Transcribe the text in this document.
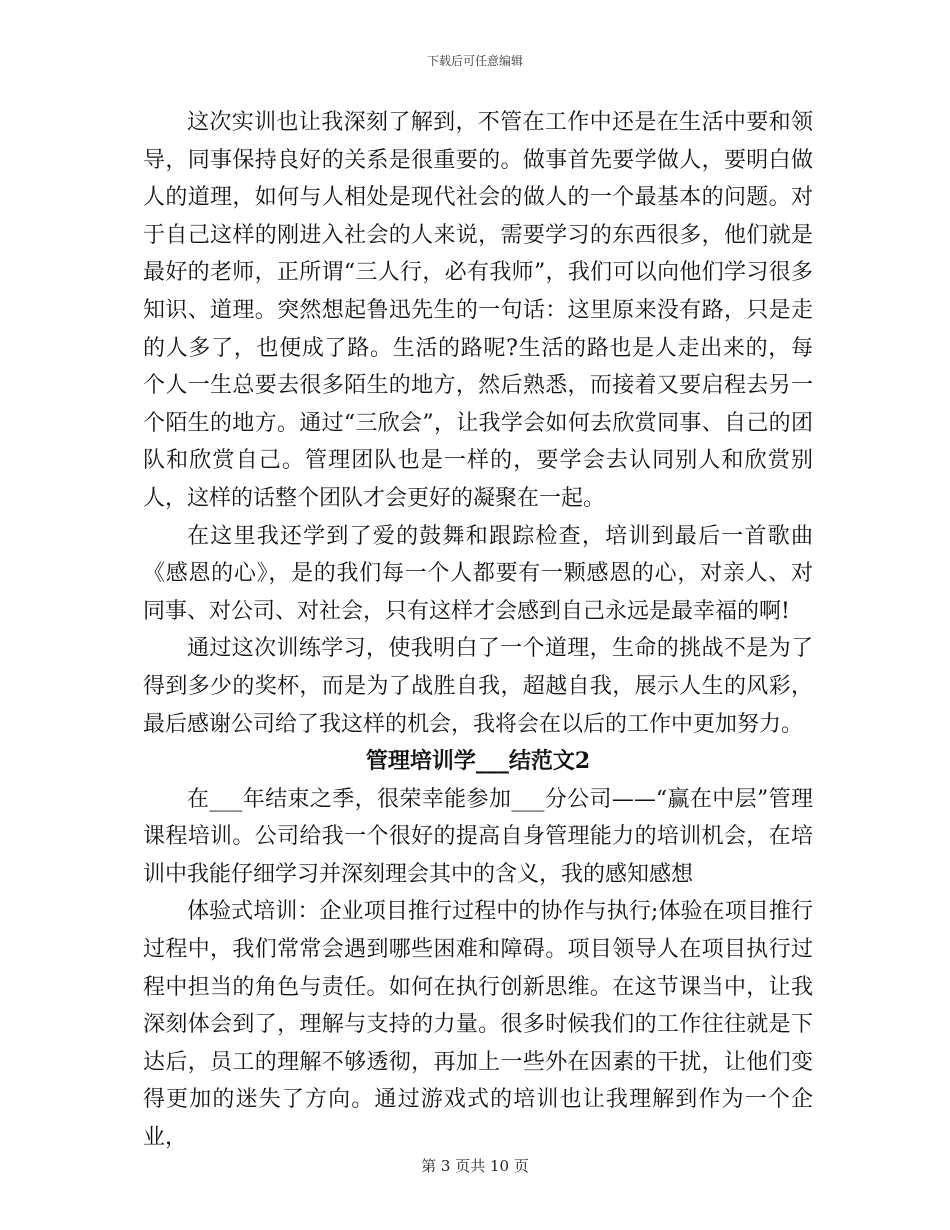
下载后可任意编辑

这次实训也让我深刻了解到，不管在工作中还是在生活中要和领导，同事保持良好的关系是很重要的。做事首先要学做人，要明白做人的道理，如何与人相处是现代社会的做人的一个最基本的问题。对于自己这样的刚进入社会的人来说，需要学习的东西很多，他们就是最好的老师，正所谓“三人行，必有我师”，我们可以向他们学习很多知识、道理。突然想起鲁迅先生的一句话：这里原来没有路，只是走的人多了，也便成了路。生活的路呢?生活的路也是人走出来的，每个人一生总要去很多陌生的地方，然后熟悉，而接着又要启程去另一个陌生的地方。通过“三欣会”，让我学会如何去欣赏同事、自己的团队和欣赏自己。管理团队也是一样的，要学会去认同别人和欣赏别人，这样的话整个团队才会更好的凝聚在一起。

在这里我还学到了爱的鼓舞和跟踪检查，培训到最后一首歌曲《感恩的心》，是的我们每一个人都要有一颗感恩的心，对亲人、对同事、对公司、对社会，只有这样才会感到自己永远是最幸福的啊!

通过这次训练学习，使我明白了一个道理，生命的挑战不是为了得到多少的奖杯，而是为了战胜自我，超越自我，展示人生的风彩，最后感谢公司给了我这样的机会，我将会在以后的工作中更加努力。

管理培训学___结范文2

在___年结束之季，很荣幸能参加___分公司——“赢在中层”管理课程培训。公司给我一个很好的提高自身管理能力的培训机会，在培训中我能仔细学习并深刻理会其中的含义，我的感知感想

体验式培训：企业项目推行过程中的协作与执行;体验在项目推行过程中，我们常常会遇到哪些困难和障碍。项目领导人在项目执行过程中担当的角色与责任。如何在执行创新思维。在这节课当中，让我深刻体会到了，理解与支持的力量。很多时候我们的工作往往就是下达后，员工的理解不够透彻，再加上一些外在因素的干扰，让他们变得更加的迷失了方向。通过游戏式的培训也让我理解到作为一个企业，

第 3 页共 10 页
